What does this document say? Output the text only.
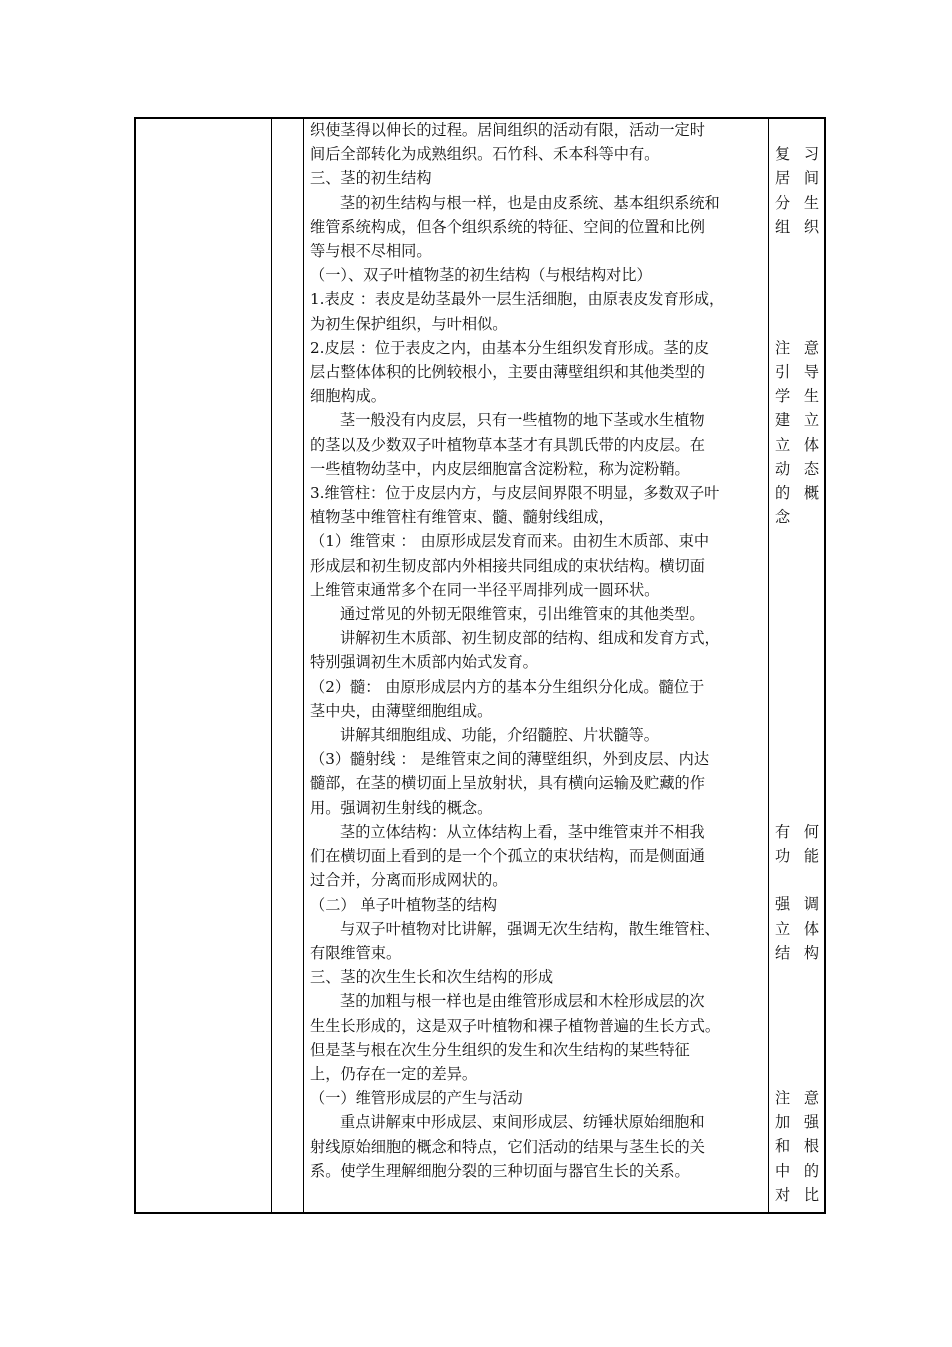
织使茎得以伸长的过程。居间组织的活动有限，活动一定时

间后全部转化为成熟组织。石竹科、禾本科等中有。

三、茎的初生结构

茎的初生结构与根一样，也是由皮系统、基本组织系统和

维管系统构成，但各个组织系统的特征、空间的位置和比例

等与根不尽相同。

（一）、双子叶植物茎的初生结构（与根结构对比）

1.表皮 ：表皮是幼茎最外一层生活细胞，由原表皮发育形成，

为初生保护组织，与叶相似。

2.皮层 ：位于表皮之内，由基本分生组织发育形成。茎的皮

层占整体体积的比例较根小，主要由薄壁组织和其他类型的

细胞构成。

茎一般没有内皮层，只有一些植物的地下茎或水生植物

的茎以及少数双子叶植物草本茎才有具凯氏带的内皮层。在

一些植物幼茎中，内皮层细胞富含淀粉粒，称为淀粉鞘。

3.维管柱：位于皮层内方，与皮层间界限不明显，多数双子叶

植物茎中维管柱有维管束、髓、髓射线组成，

（1）维管束 ： 由原形成层发育而来。由初生木质部、束中

形成层和初生韧皮部内外相接共同组成的束状结构。横切面

上维管束通常多个在同一半径平周排列成一圆环状。

通过常见的外韧无限维管束，引出维管束的其他类型。

讲解初生木质部、初生韧皮部的结构、组成和发育方式，

特别强调初生木质部内始式发育。

（2）髓： 由原形成层内方的基本分生组织分化成。髓位于

茎中央，由薄壁细胞组成。

讲解其细胞组成、功能，介绍髓腔、片状髓等。

（3）髓射线 ： 是维管束之间的薄壁组织，外到皮层、内达

髓部，在茎的横切面上呈放射状，具有横向运输及贮藏的作

用。强调初生射线的概念。

茎的立体结构：从立体结构上看，茎中维管束并不相我

们在横切面上看到的是一个个孤立的束状结构，而是侧面通

过合并，分离而形成网状的。

（二） 单子叶植物茎的结构

与双子叶植物对比讲解，强调无次生结构，散生维管柱、

有限维管束。

三、茎的次生生长和次生结构的形成

茎的加粗与根一样也是由维管形成层和木栓形成层的次

生生长形成的，这是双子叶植物和裸子植物普遍的生长方式。

但是茎与根在次生分生组织的发生和次生结构的某些特征

上，仍存在一定的差异。

（一）维管形成层的产生与活动

重点讲解束中形成层、束间形成层、纺锤状原始细胞和

射线原始细胞的概念和特点，它们活动的结果与茎生长的关

系。使学生理解细胞分裂的三种切面与器官生长的关系。

复习

居间

分生

组织

注意

引导

学生

建立

立体

动态

的概

念

有何

功能

强调

立体

结构

注意

加强

和根

中的

对比
